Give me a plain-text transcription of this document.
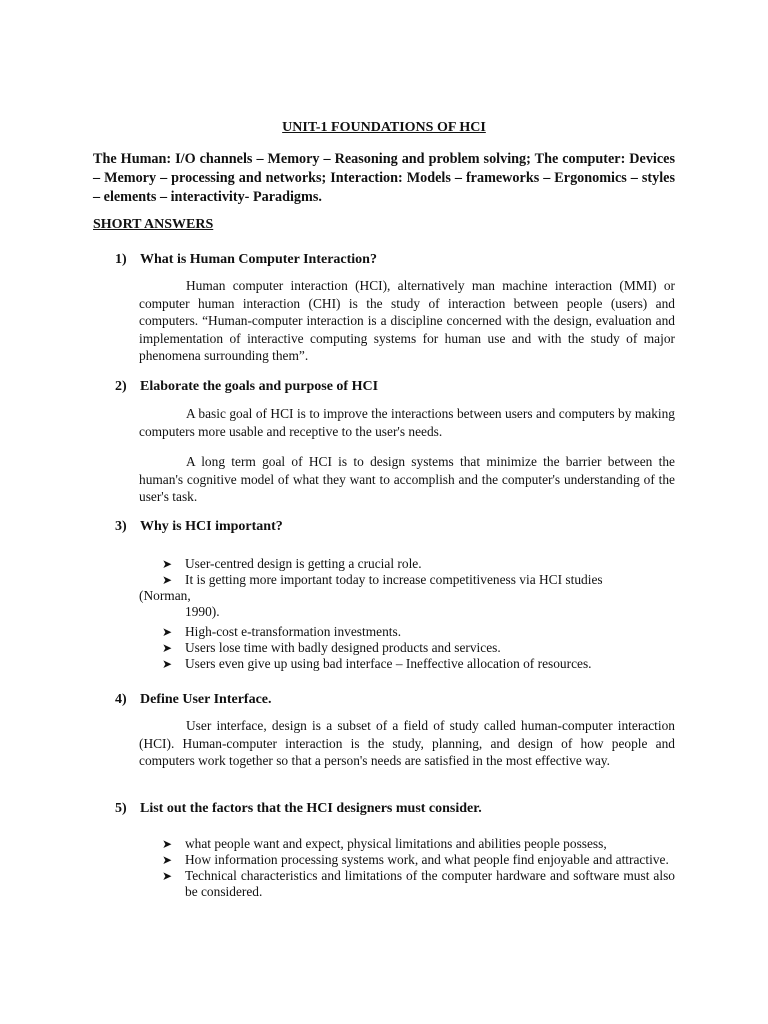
UNIT-1 FOUNDATIONS OF HCI

The Human: I/O channels – Memory – Reasoning and problem solving; The computer: Devices – Memory – processing and networks; Interaction: Models – frameworks – Ergonomics – styles – elements – interactivity- Paradigms.

SHORT ANSWERS
1) What is Human Computer Interaction?

Human computer interaction (HCI), alternatively man machine interaction (MMI) or computer human interaction (CHI) is the study of interaction between people (users) and computers. “Human-computer interaction is a discipline concerned with the design, evaluation and implementation of interactive computing systems for human use and with the study of major phenomena surrounding them”.

2) Elaborate the goals and purpose of HCI

A basic goal of HCI is to improve the interactions between users and computers by making computers more usable and receptive to the user's needs.

A long term goal of HCI is to design systems that minimize the barrier between the human's cognitive model of what they want to accomplish and the computer's understanding of the user's task.

3) Why is HCI important?
➤ User-centred design is getting a crucial role.
➤ It is getting more important today to increase competitiveness via HCI studies

(Norman,

1990).

➤ High-cost e-transformation investments.
➤ Users lose time with badly designed products and services.
➤ Users even give up using bad interface – Ineffective allocation of resources.
4) Define User Interface.

User interface, design is a subset of a field of study called human-computer interaction (HCI). Human-computer interaction is the study, planning, and design of how people and computers work together so that a person's needs are satisfied in the most effective way.

5) List out the factors that the HCI designers must consider.
➤ what people want and expect, physical limitations and abilities people possess,
➤ How information processing systems work, and what people find enjoyable and attractive.
➤ Technical characteristics and limitations of the computer hardware and software must also be considered.
